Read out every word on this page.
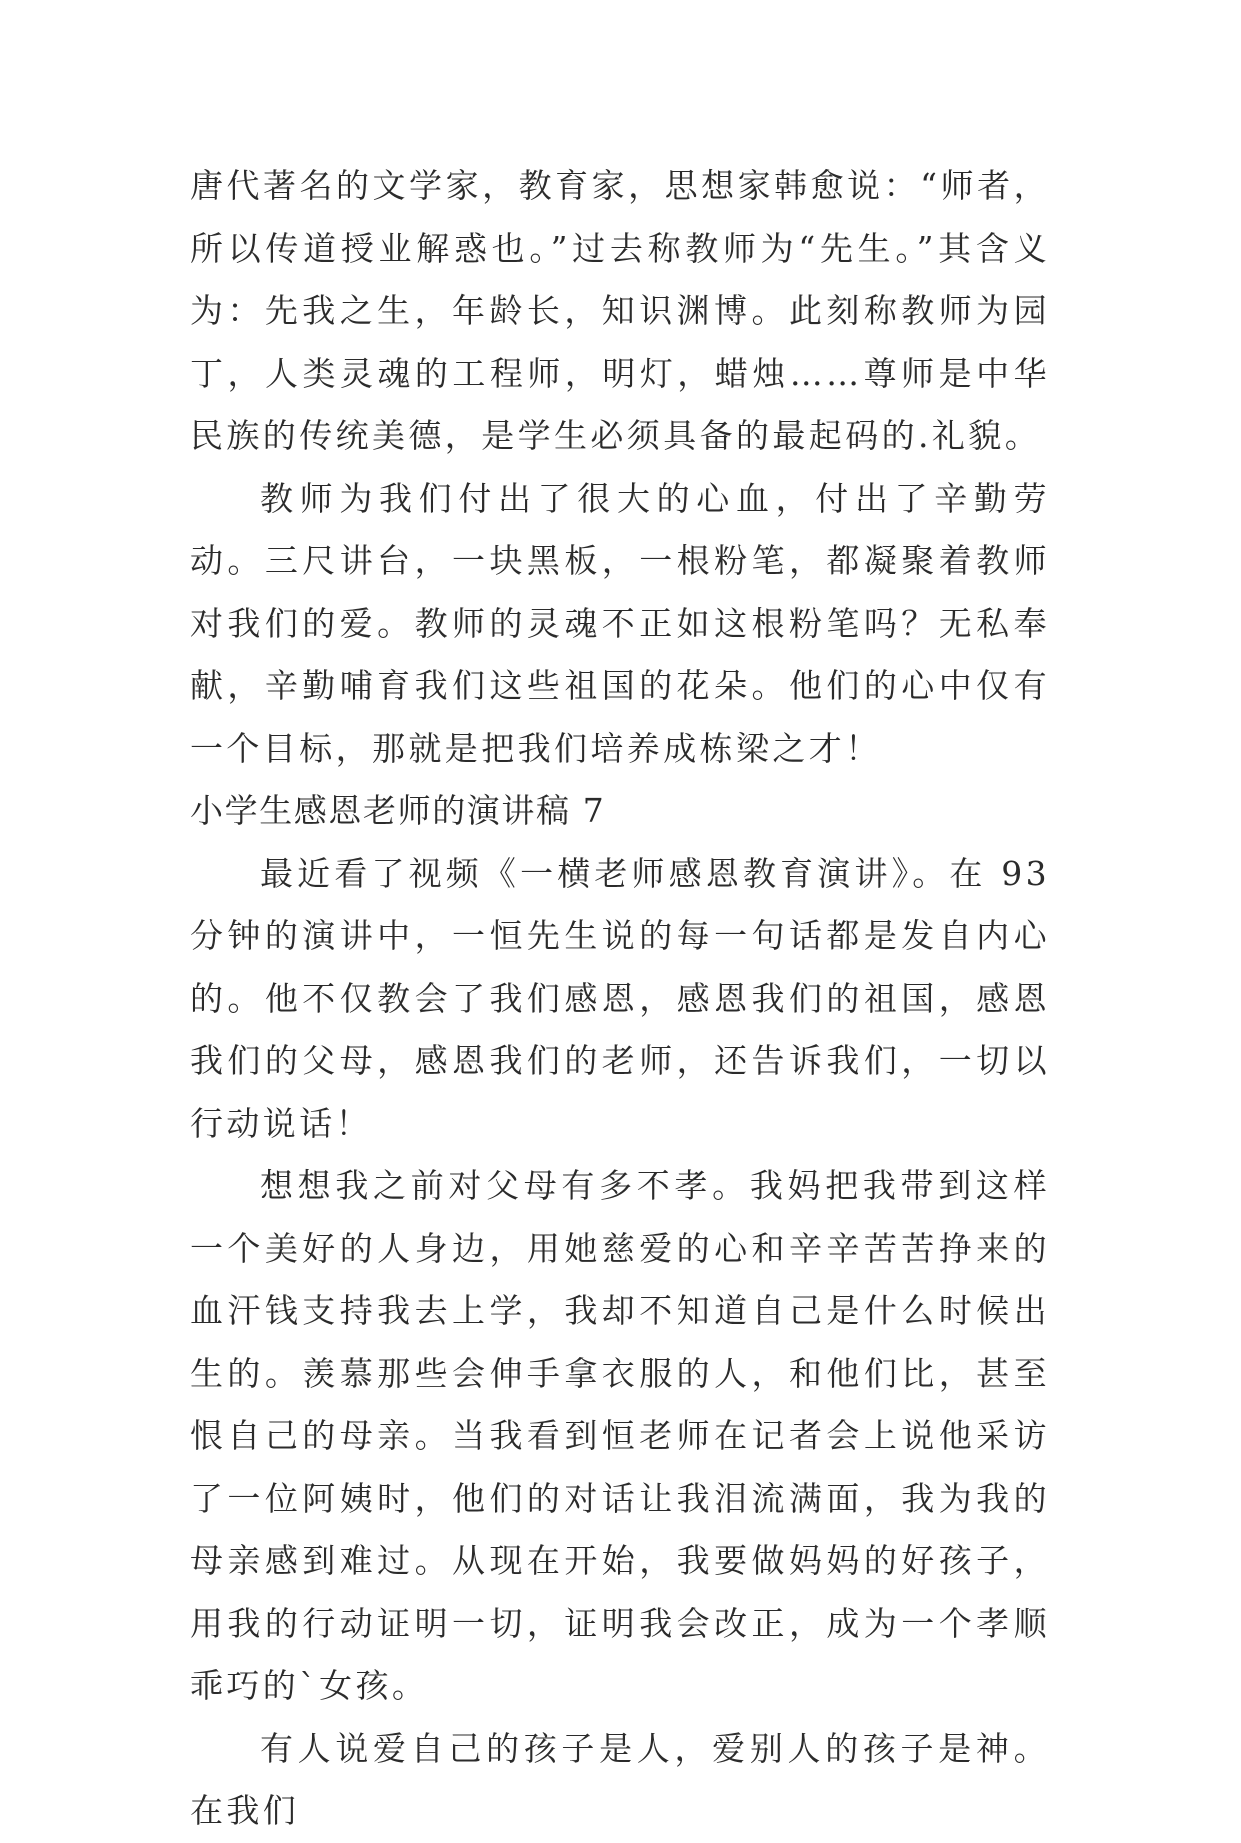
唐代著名的文学家，教育家，思想家韩愈说：“师者，所以传道授业解惑也。”过去称教师为“先生。”其含义为：先我之生，年龄长，知识渊博。此刻称教师为园丁，人类灵魂的工程师，明灯，蜡烛……尊师是中华民族的传统美德，是学生必须具备的最起码的.礼貌。

教师为我们付出了很大的心血，付出了辛勤劳动。三尺讲台，一块黑板，一根粉笔，都凝聚着教师对我们的爱。教师的灵魂不正如这根粉笔吗？无私奉献，辛勤哺育我们这些祖国的花朵。他们的心中仅有一个目标，那就是把我们培养成栋梁之才！

小学生感恩老师的演讲稿 7

最近看了视频《一横老师感恩教育演讲》。在 93 分钟的演讲中，一恒先生说的每一句话都是发自内心的。他不仅教会了我们感恩，感恩我们的祖国，感恩我们的父母，感恩我们的老师，还告诉我们，一切以行动说话！

想想我之前对父母有多不孝。我妈把我带到这样一个美好的人身边，用她慈爱的心和辛辛苦苦挣来的血汗钱支持我去上学，我却不知道自己是什么时候出生的。羡慕那些会伸手拿衣服的人，和他们比，甚至恨自己的母亲。当我看到恒老师在记者会上说他采访了一位阿姨时，他们的对话让我泪流满面，我为我的母亲感到难过。从现在开始，我要做妈妈的好孩子，用我的行动证明一切，证明我会改正，成为一个孝顺乖巧的`女孩。

有人说爱自己的孩子是人，爱别人的孩子是神。在我们
